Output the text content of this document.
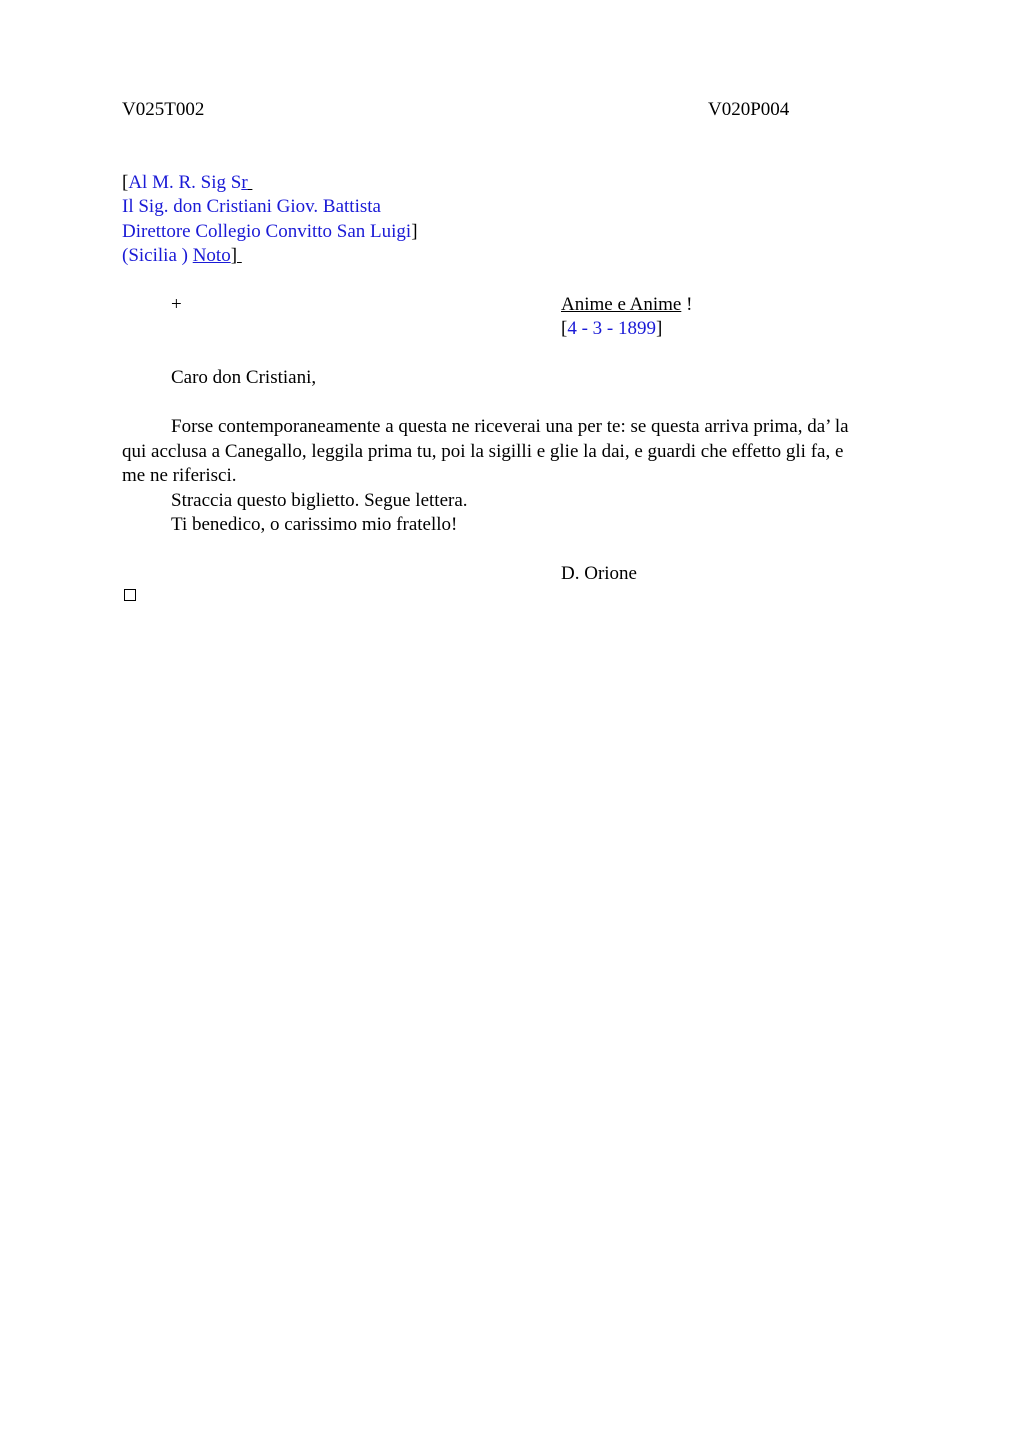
V025T002	V020P004
[Al M. R. Sig Sr
Il Sig. don Cristiani Giov. Battista
Direttore Collegio Convitto San Luigi]
(Sicilia ) Noto]
+	Anime e Anime !
[4 - 3 - 1899]
Caro don Cristiani,
Forse contemporaneamente a questa ne riceverai una per te: se questa arriva prima, da’ la qui acclusa a Canegallo, leggila prima tu, poi la sigilli e glie la dai, e guardi che effetto gli fa, e me ne riferisci.
Straccia questo biglietto. Segue lettera.
Ti benedico, o carissimo mio fratello!
D. Orione
